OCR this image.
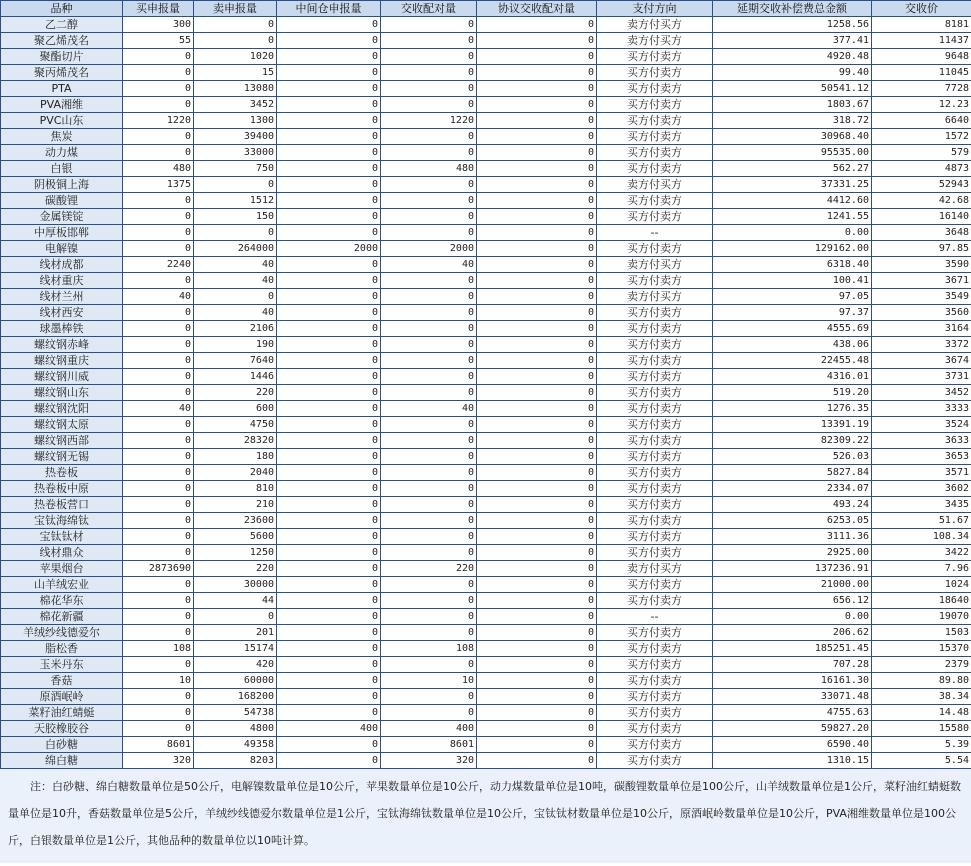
品种	买申报量	卖申报量	中间仓申报量	交收配对量	协议交收配对量	支付方向	延期交收补偿费总金额	交收价
乙二醇	300	0	0	0	0	卖方付买方	1258.56	8181
聚乙烯茂名	55	0	0	0	0	卖方付买方	377.41	11437
聚酯切片	0	1020	0	0	0	买方付卖方	4920.48	9648
聚丙烯茂名	0	15	0	0	0	买方付卖方	99.40	11045
PTA	0	13080	0	0	0	买方付卖方	50541.12	7728
PVA湘维	0	3452	0	0	0	买方付卖方	1803.67	12.23
PVC山东	1220	1300	0	1220	0	买方付卖方	318.72	6640
焦炭	0	39400	0	0	0	买方付卖方	30968.40	1572
动力煤	0	33000	0	0	0	买方付卖方	95535.00	579
白银	480	750	0	480	0	买方付卖方	562.27	4873
阴极铜上海	1375	0	0	0	0	卖方付买方	37331.25	52943
碳酸锂	0	1512	0	0	0	买方付卖方	4412.60	42.68
金属镁锭	0	150	0	0	0	买方付卖方	1241.55	16140
中厚板邯郸	0	0	0	0	0	--	0.00	3648
电解镍	0	264000	2000	2000	0	买方付卖方	129162.00	97.85
线材成都	2240	40	0	40	0	卖方付买方	6318.40	3590
线材重庆	0	40	0	0	0	买方付卖方	100.41	3671
线材兰州	40	0	0	0	0	卖方付买方	97.05	3549
线材西安	0	40	0	0	0	买方付卖方	97.37	3560
球墨棒铁	0	2106	0	0	0	买方付卖方	4555.69	3164
螺纹钢赤峰	0	190	0	0	0	买方付卖方	438.06	3372
螺纹钢重庆	0	7640	0	0	0	买方付卖方	22455.48	3674
螺纹钢川威	0	1446	0	0	0	买方付卖方	4316.01	3731
螺纹钢山东	0	220	0	0	0	买方付卖方	519.20	3452
螺纹钢沈阳	40	600	0	40	0	买方付卖方	1276.35	3333
螺纹钢太原	0	4750	0	0	0	买方付卖方	13391.19	3524
螺纹钢西部	0	28320	0	0	0	买方付卖方	82309.22	3633
螺纹钢无锡	0	180	0	0	0	买方付卖方	526.03	3653
热卷板	0	2040	0	0	0	买方付卖方	5827.84	3571
热卷板中原	0	810	0	0	0	买方付卖方	2334.07	3602
热卷板营口	0	210	0	0	0	买方付卖方	493.24	3435
宝钛海绵钛	0	23600	0	0	0	买方付卖方	6253.05	51.67
宝钛钛材	0	5600	0	0	0	买方付卖方	3111.36	108.34
线材鼎众	0	1250	0	0	0	买方付卖方	2925.00	3422
苹果烟台	2873690	220	0	220	0	卖方付买方	137236.91	7.96
山羊绒宏业	0	30000	0	0	0	买方付卖方	21000.00	1024
棉花华东	0	44	0	0	0	买方付卖方	656.12	18640
棉花新疆	0	0	0	0	0	--	0.00	19070
羊绒纱线德爱尔	0	201	0	0	0	买方付卖方	206.62	1503
脂松香	108	15174	0	108	0	买方付卖方	185251.45	15370
玉米丹东	0	420	0	0	0	买方付卖方	707.28	2379
香菇	10	60000	0	10	0	买方付卖方	16161.30	89.80
原酒岷岭	0	168200	0	0	0	买方付卖方	33071.48	38.34
菜籽油红蜻蜓	0	54738	0	0	0	买方付卖方	4755.63	14.48
天胶橡胶谷	0	4800	400	400	0	买方付卖方	59827.20	15580
白砂糖	8601	49358	0	8601	0	买方付卖方	6590.40	5.39
绵白糖	320	8203	0	320	0	买方付卖方	1310.15	5.54
注：白砂糖、绵白糖数量单位是50公斤，电解镍数量单位是10公斤，苹果数量单位是10公斤，动力煤数量单位是10吨，碳酸锂数量单位是100公斤，山羊绒数量单位是1公斤，菜籽油红蜻蜓数量单位是10升，香菇数量单位是5公斤，羊绒纱线德爱尔数量单位是1公斤，宝钛海绵钛数量单位是10公斤，宝钛钛材数量单位是10公斤，原酒岷岭数量单位是10公斤，PVA湘维数量单位是100公斤，白银数量单位是1公斤，其他品种的数量单位以10吨计算。
